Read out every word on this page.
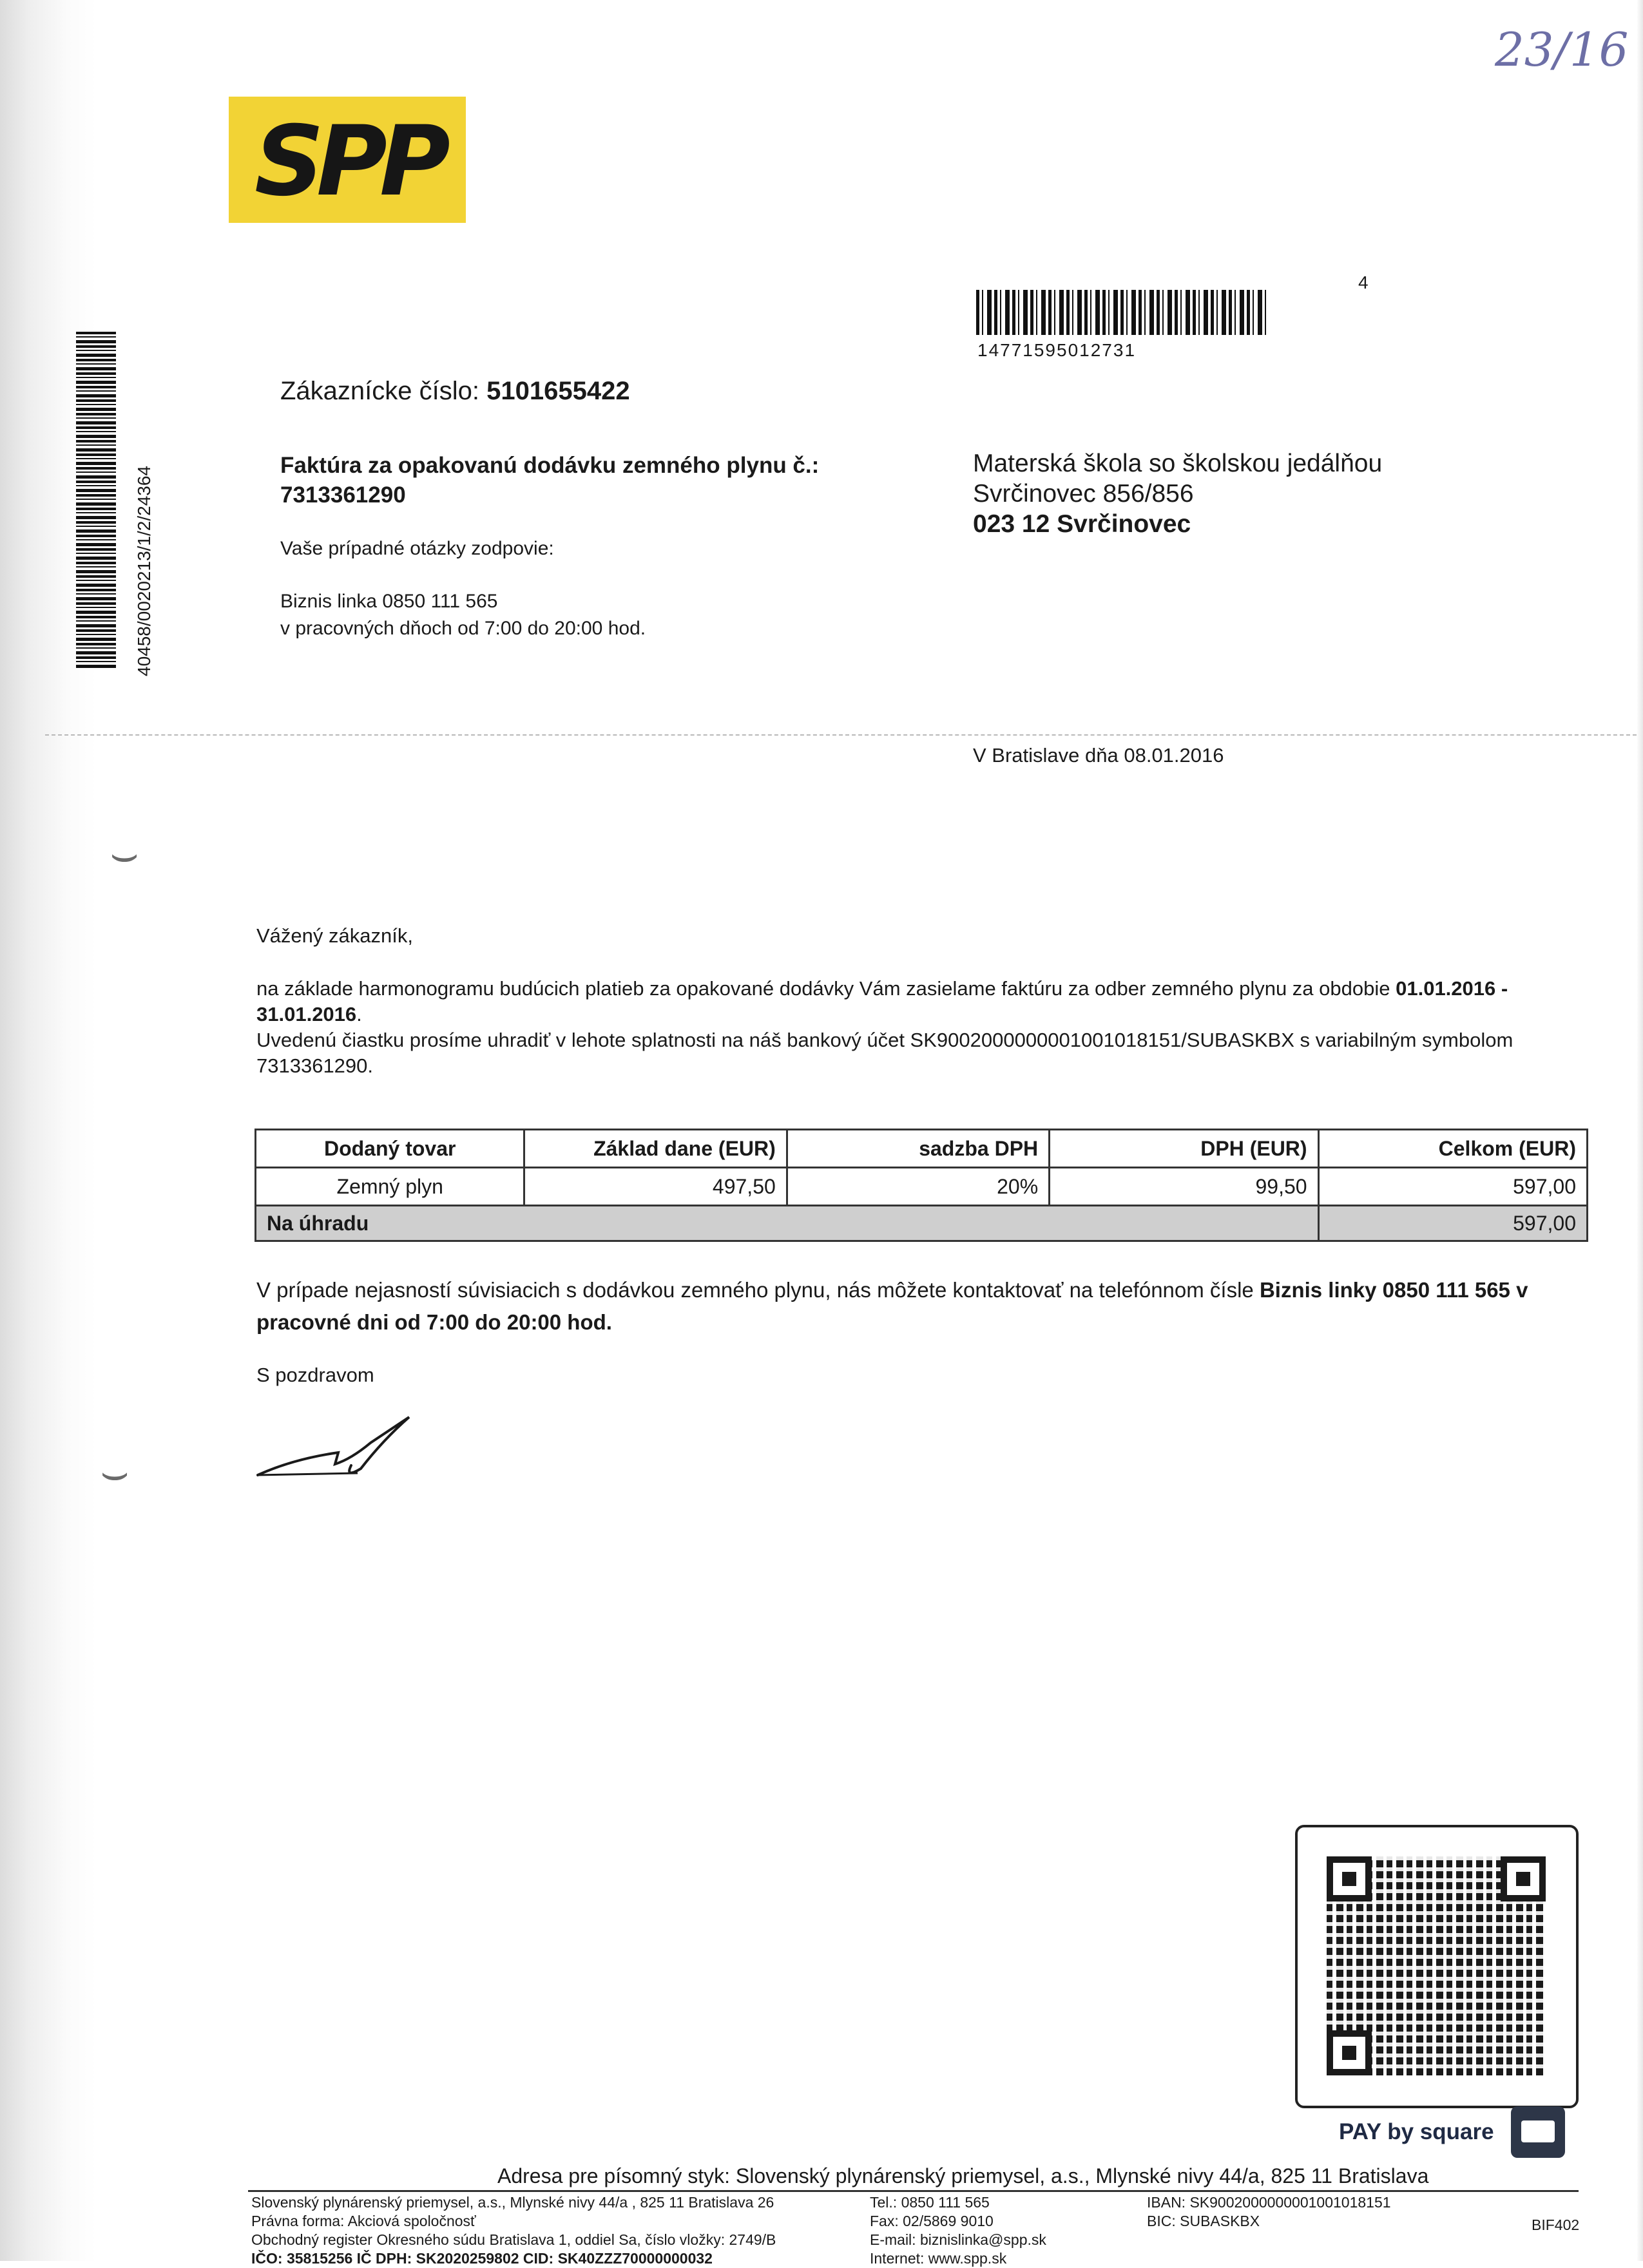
SPP
23/16
14771595012731
4
40458/0020213/1/2/24364
Zákaznícke číslo: 5101655422
Faktúra za opakovanú dodávku zemného plynu č.:
7313361290
Vaše prípadné otázky zodpovie:
Biznis linka 0850 111 565
v pracovných dňoch od 7:00 do 20:00 hod.
Materská škola so školskou jedálňou
Svrčinovec 856/856
023 12 Svrčinovec
V Bratislave dňa 08.01.2016
⌣
⌣
Vážený zákazník,
na základe harmonogramu budúcich platieb za opakované dodávky Vám zasielame faktúru za odber zemného plynu za obdobie 01.01.2016 - 31.01.2016.
Uvedenú čiastku prosíme uhradiť v lehote splatnosti na náš bankový účet SK9002000000001001018151/SUBASKBX s variabilným symbolom 7313361290.
Dodaný tovar	Základ dane (EUR)	sadzba DPH	DPH (EUR)	Celkom (EUR)
Zemný plyn	497,50	20%	99,50	597,00
Na úhradu				597,00
V prípade nejasností súvisiacich s dodávkou zemného plynu, nás môžete kontaktovať na telefónnom čísle Biznis linky 0850 111 565 v pracovné dni od 7:00 do 20:00 hod.
S pozdravom
PAY by square
Adresa pre písomný styk: Slovenský plynárenský priemysel, a.s., Mlynské nivy 44/a, 825 11 Bratislava
Slovenský plynárenský priemysel, a.s., Mlynské nivy 44/a , 825 11 Bratislava 26
Právna forma: Akciová spoločnosť
Obchodný register Okresného súdu Bratislava 1, oddiel Sa, číslo vložky: 2749/B
IČO: 35815256 IČ DPH: SK2020259802 CID: SK40ZZZ70000000032
Tel.: 0850 111 565
Fax: 02/5869 9010
E-mail: biznislinka@spp.sk
Internet: www.spp.sk
IBAN: SK9002000000001001018151
BIC: SUBASKBX	BIF402
